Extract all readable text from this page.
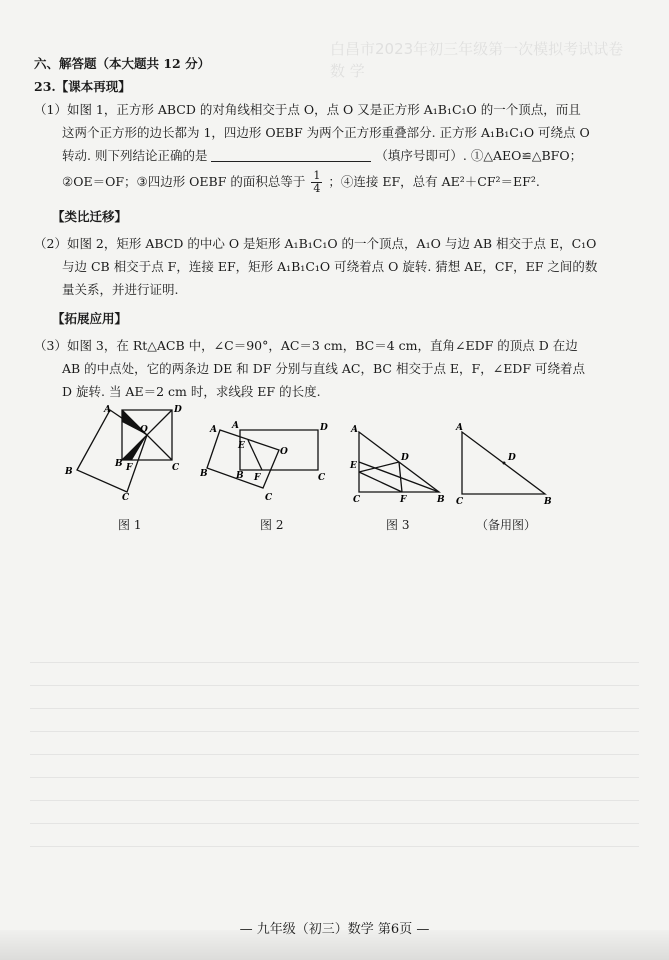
白昌市2023年初三年级第一次模拟考试试卷
数 学
六、解答题（本大题共 12 分）
23.【课本再现】
（1）如图 1，正方形 ABCD 的对角线相交于点 O，点 O 又是正方形 A₁B₁C₁O 的一个顶点，而且
这两个正方形的边长都为 1，四边形 OEBF 为两个正方形重叠部分. 正方形 A₁B₁C₁O 可绕点 O
转动. 则下列结论正确的是	（填序号即可）. ①△AEO≌△BFO；
②OE＝OF；③四边形 OEBF 的面积总等于 $\frac{1}{4}$ ；④连接 EF，总有 AE²＋CF²＝EF².
【类比迁移】
（2）如图 2，矩形 ABCD 的中心 O 是矩形 A₁B₁C₁O 的一个顶点，A₁O 与边 AB 相交于点 E，C₁O
与边 CB 相交于点 F，连接 EF，矩形 A₁B₁C₁O 可绕着点 O 旋转. 猜想 AE，CF，EF 之间的数
量关系，并进行证明.
【拓展应用】
（3）如图 3，在 Rt△ACB 中，∠C＝90°，AC＝3 cm，BC＝4 cm，直角∠EDF 的顶点 D 在边
AB 的中点处，它的两条边 DE 和 DF 分别与直线 AC，BC 相交于点 E，F，∠EDF 可绕着点
D 旋转. 当 AE＝2 cm 时，求线段 EF 的长度.
A	D
O
B
B F	C
C
A A	D
E
O
B F	C
B
C
A
D
E
C	F	B
A
D
C	B
图 1	图 2	图 3	（备用图）
— 九年级（初三）数学 第6页 —
